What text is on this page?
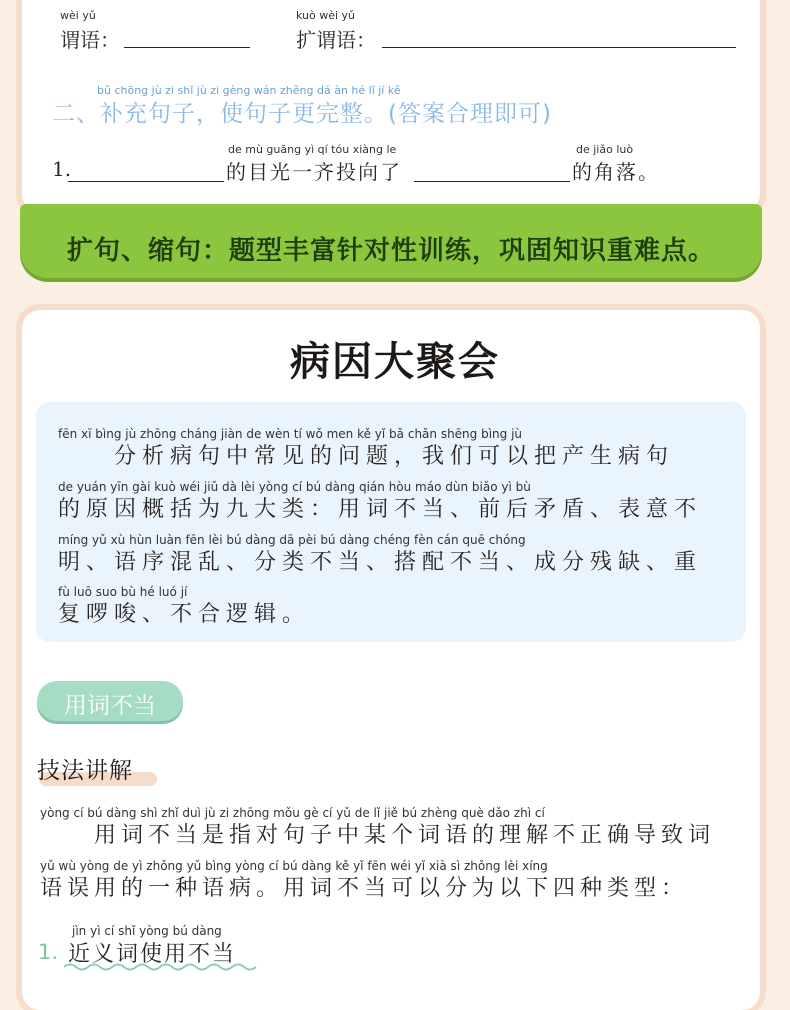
wèi yǔ
谓语：
kuò wèi yǔ
扩谓语：
bǔ chōng jù zi shǐ jù zi gèng wán zhěng dá àn hé lǐ jí kě
二、补充句子，使句子更完整。(答案合理即可)
1.
de mù guāng yì qí tóu xiàng le
的目光一齐投向了
de jiǎo luò
的角落。
扩句、缩句：题型丰富针对性训练，巩固知识重难点。
病因大聚会
fēn xī bìng jù zhōng cháng jiàn de wèn tí wǒ men kě yǐ bǎ chǎn shēng bìng jù
　　分析病句中常见的问题，我们可以把产生病句
de yuán yīn gài kuò wéi jiǔ dà lèi yòng cí bú dàng qián hòu máo dùn biǎo yì bù
的原因概括为九大类：用词不当、前后矛盾、表意不
míng yǔ xù hùn luàn fēn lèi bú dàng dā pèi bú dàng chéng fèn cán quē chóng
明、语序混乱、分类不当、搭配不当、成分残缺、重
fù luō suo bù hé luó jí
复啰唆、不合逻辑。
用词不当
技法讲解
yòng cí bú dàng shì zhǐ duì jù zi zhōng mǒu gè cí yǔ de lǐ jiě bú zhèng què dǎo zhì cí
　　用词不当是指对句子中某个词语的理解不正确导致词
yǔ wù yòng de yì zhǒng yǔ bìng yòng cí bú dàng kě yǐ fēn wéi yǐ xià sì zhǒng lèi xíng
语误用的一种语病。用词不当可以分为以下四种类型：
1.
jìn yì cí shǐ yòng bú dàng
近义词使用不当
